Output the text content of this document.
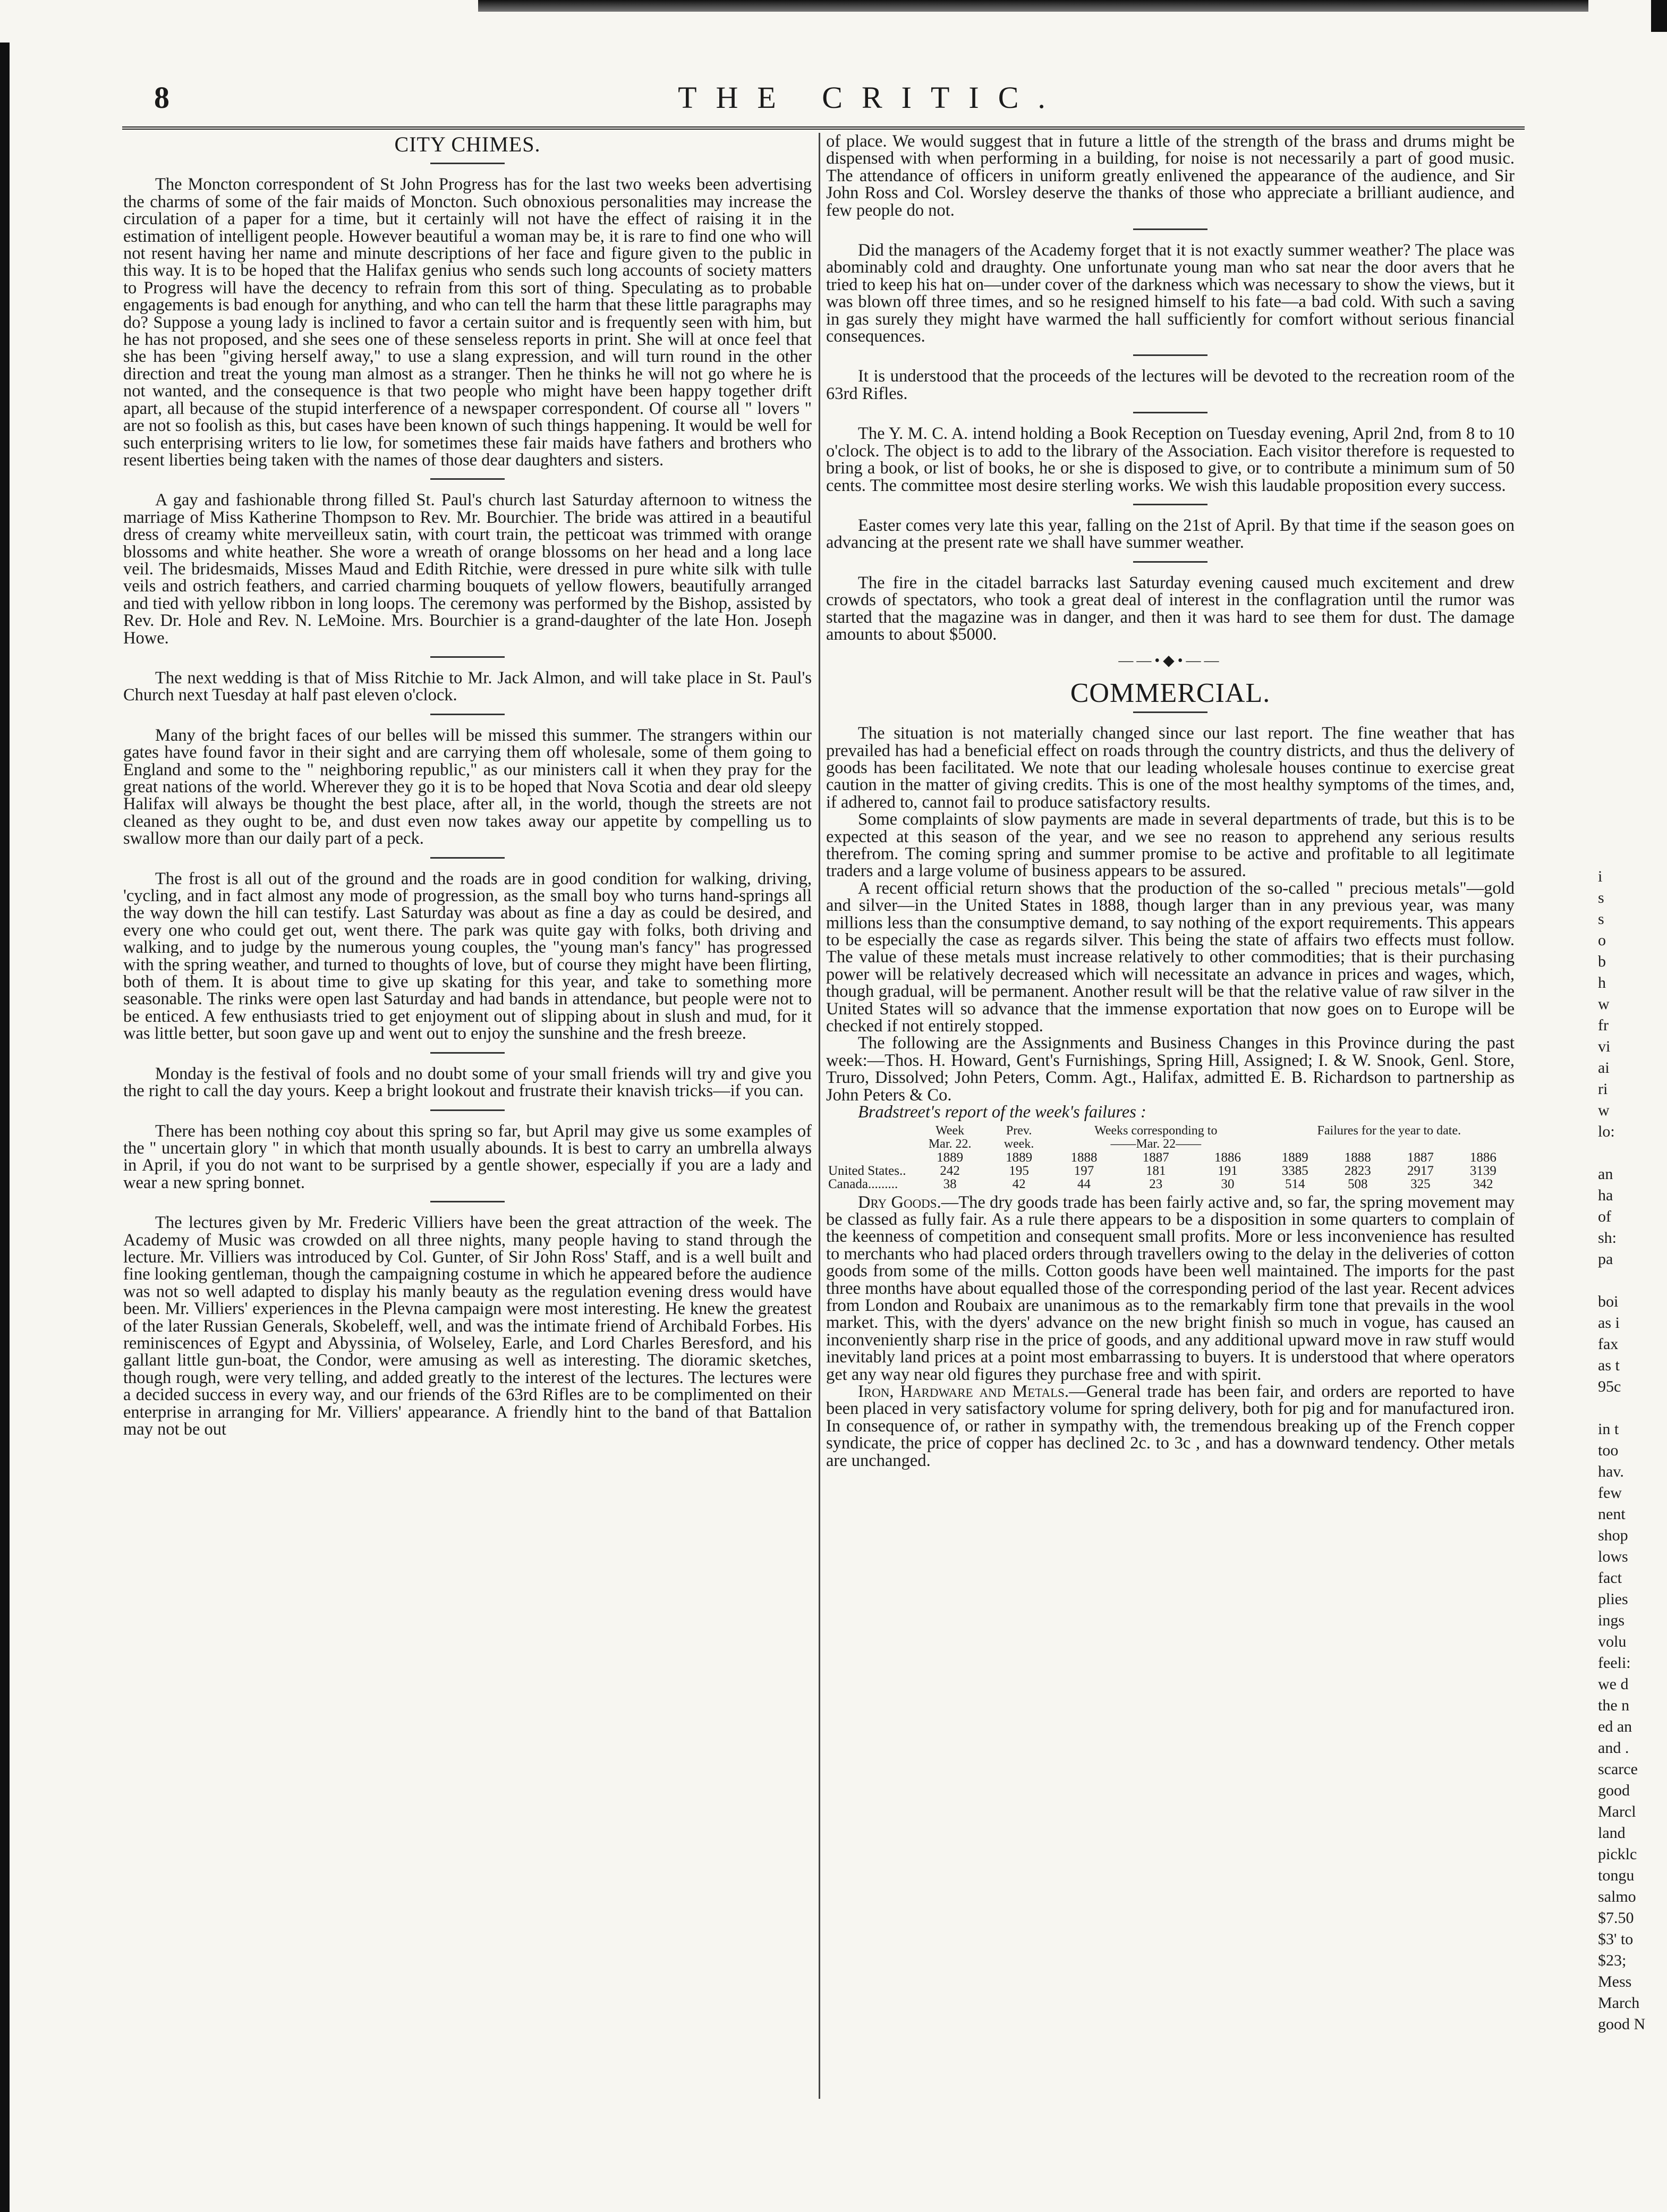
8	THE CRITIC.
CITY CHIMES.

The Moncton correspondent of St John Progress has for the last two weeks been advertising the charms of some of the fair maids of Moncton. Such obnoxious personalities may increase the circulation of a paper for a time, but it certainly will not have the effect of raising it in the estimation of intelligent people. However beautiful a woman may be, it is rare to find one who will not resent having her name and minute descriptions of her face and figure given to the public in this way. It is to be hoped that the Halifax genius who sends such long accounts of society matters to Progress will have the decency to refrain from this sort of thing. Speculating as to probable engagements is bad enough for anything, and who can tell the harm that these little paragraphs may do? Suppose a young lady is inclined to favor a certain suitor and is frequently seen with him, but he has not proposed, and she sees one of these senseless reports in print. She will at once feel that she has been "giving herself away," to use a slang expression, and will turn round in the other direction and treat the young man almost as a stranger. Then he thinks he will not go where he is not wanted, and the consequence is that two people who might have been happy together drift apart, all because of the stupid interference of a newspaper correspondent. Of course all " lovers " are not so foolish as this, but cases have been known of such things happening. It would be well for such enterprising writers to lie low, for sometimes these fair maids have fathers and brothers who resent liberties being taken with the names of those dear daughters and sisters.

A gay and fashionable throng filled St. Paul's church last Saturday afternoon to witness the marriage of Miss Katherine Thompson to Rev. Mr. Bourchier. The bride was attired in a beautiful dress of creamy white merveilleux satin, with court train, the petticoat was trimmed with orange blossoms and white heather. She wore a wreath of orange blossoms on her head and a long lace veil. The bridesmaids, Misses Maud and Edith Ritchie, were dressed in pure white silk with tulle veils and ostrich feathers, and carried charming bouquets of yellow flowers, beautifully arranged and tied with yellow ribbon in long loops. The ceremony was performed by the Bishop, assisted by Rev. Dr. Hole and Rev. N. LeMoine. Mrs. Bourchier is a grand-daughter of the late Hon. Joseph Howe.

The next wedding is that of Miss Ritchie to Mr. Jack Almon, and will take place in St. Paul's Church next Tuesday at half past eleven o'clock.

Many of the bright faces of our belles will be missed this summer. The strangers within our gates have found favor in their sight and are carrying them off wholesale, some of them going to England and some to the " neighboring republic," as our ministers call it when they pray for the great nations of the world. Wherever they go it is to be hoped that Nova Scotia and dear old sleepy Halifax will always be thought the best place, after all, in the world, though the streets are not cleaned as they ought to be, and dust even now takes away our appetite by compelling us to swallow more than our daily part of a peck.

The frost is all out of the ground and the roads are in good condition for walking, driving, 'cycling, and in fact almost any mode of progression, as the small boy who turns hand-springs all the way down the hill can testify. Last Saturday was about as fine a day as could be desired, and every one who could get out, went there. The park was quite gay with folks, both driving and walking, and to judge by the numerous young couples, the "young man's fancy" has progressed with the spring weather, and turned to thoughts of love, but of course they might have been flirting, both of them. It is about time to give up skating for this year, and take to something more seasonable. The rinks were open last Saturday and had bands in attendance, but people were not to be enticed. A few enthusiasts tried to get enjoyment out of slipping about in slush and mud, for it was little better, but soon gave up and went out to enjoy the sunshine and the fresh breeze.

Monday is the festival of fools and no doubt some of your small friends will try and give you the right to call the day yours. Keep a bright lookout and frustrate their knavish tricks—if you can.

There has been nothing coy about this spring so far, but April may give us some examples of the " uncertain glory " in which that month usually abounds. It is best to carry an umbrella always in April, if you do not want to be surprised by a gentle shower, especially if you are a lady and wear a new spring bonnet.

The lectures given by Mr. Frederic Villiers have been the great attraction of the week. The Academy of Music was crowded on all three nights, many people having to stand through the lecture. Mr. Villiers was introduced by Col. Gunter, of Sir John Ross' Staff, and is a well built and fine looking gentleman, though the campaigning costume in which he appeared before the audience was not so well adapted to display his manly beauty as the regulation evening dress would have been. Mr. Villiers' experiences in the Plevna campaign were most interesting. He knew the greatest of the later Russian Generals, Skobeleff, well, and was the intimate friend of Archibald Forbes. His reminiscences of Egypt and Abyssinia, of Wolseley, Earle, and Lord Charles Beresford, and his gallant little gun-boat, the Condor, were amusing as well as interesting. The dioramic sketches, though rough, were very telling, and added greatly to the interest of the lectures. The lectures were a decided success in every way, and our friends of the 63rd Rifles are to be complimented on their enterprise in arranging for Mr. Villiers' appearance. A friendly hint to the band of that Battalion may not be out

of place. We would suggest that in future a little of the strength of the brass and drums might be dispensed with when performing in a building, for noise is not necessarily a part of good music. The attendance of officers in uniform greatly enlivened the appearance of the audience, and Sir John Ross and Col. Worsley deserve the thanks of those who appreciate a brilliant audience, and few people do not.

Did the managers of the Academy forget that it is not exactly summer weather? The place was abominably cold and draughty. One unfortunate young man who sat near the door avers that he tried to keep his hat on—under cover of the darkness which was necessary to show the views, but it was blown off three times, and so he resigned himself to his fate—a bad cold. With such a saving in gas surely they might have warmed the hall sufficiently for comfort without serious financial consequences.

It is understood that the proceeds of the lectures will be devoted to the recreation room of the 63rd Rifles.

The Y. M. C. A. intend holding a Book Reception on Tuesday evening, April 2nd, from 8 to 10 o'clock. The object is to add to the library of the Association. Each visitor therefore is requested to bring a book, or list of books, he or she is disposed to give, or to contribute a minimum sum of 50 cents. The committee most desire sterling works. We wish this laudable proposition every success.

Easter comes very late this year, falling on the 21st of April. By that time if the season goes on advancing at the present rate we shall have summer weather.

The fire in the citadel barracks last Saturday evening caused much excitement and drew crowds of spectators, who took a great deal of interest in the conflagration until the rumor was started that the magazine was in danger, and then it was hard to see them for dust. The damage amounts to about $5000.

——•◆•——
COMMERCIAL.

The situation is not materially changed since our last report. The fine weather that has prevailed has had a beneficial effect on roads through the country districts, and thus the delivery of goods has been facilitated. We note that our leading wholesale houses continue to exercise great caution in the matter of giving credits. This is one of the most healthy symptoms of the times, and, if adhered to, cannot fail to produce satisfactory results.

Some complaints of slow payments are made in several departments of trade, but this is to be expected at this season of the year, and we see no reason to apprehend any serious results therefrom. The coming spring and summer promise to be active and profitable to all legitimate traders and a large volume of business appears to be assured.

A recent official return shows that the production of the so-called " precious metals"—gold and silver—in the United States in 1888, though larger than in any previous year, was many millions less than the consumptive demand, to say nothing of the export requirements. This appears to be especially the case as regards silver. This being the state of affairs two effects must follow. The value of these metals must increase relatively to other commodities; that is their purchasing power will be relatively decreased which will necessitate an advance in prices and wages, which, though gradual, will be permanent. Another result will be that the relative value of raw silver in the United States will so advance that the immense exportation that now goes on to Europe will be checked if not entirely stopped.

The following are the Assignments and Business Changes in this Province during the past week:—Thos. H. Howard, Gent's Furnishings, Spring Hill, Assigned; I. & W. Snook, Genl. Store, Truro, Dissolved; John Peters, Comm. Agt., Halifax, admitted E. B. Richardson to partnership as John Peters & Co.

Bradstreet's report of the week's failures :

	Week	Prev.	Weeks corresponding to			Failures for the year to date.			
	Mar. 22.	week.	——Mar. 22——						
	1889	1889	1888	1887	1886	1889	1888	1887	1886
United States..	242	195	197	181	191	3385	2823	2917	3139
Canada.........	38	42	44	23	30	514	508	325	342

Dry Goods.—The dry goods trade has been fairly active and, so far, the spring movement may be classed as fully fair. As a rule there appears to be a disposition in some quarters to complain of the keenness of competition and consequent small profits. More or less inconvenience has resulted to merchants who had placed orders through travellers owing to the delay in the deliveries of cotton goods from some of the mills. Cotton goods have been well maintained. The imports for the past three months have about equalled those of the corresponding period of the last year. Recent advices from London and Roubaix are unanimous as to the remarkably firm tone that prevails in the wool market. This, with the dyers' advance on the new bright finish so much in vogue, has caused an inconveniently sharp rise in the price of goods, and any additional upward move in raw stuff would inevitably land prices at a point most embarrassing to buyers. It is understood that where operators get any way near old figures they purchase free and with spirit.

Iron, Hardware and Metals.—General trade has been fair, and orders are reported to have been placed in very satisfactory volume for spring delivery, both for pig and for manufactured iron. In consequence of, or rather in sympathy with, the tremendous breaking up of the French copper syndicate, the price of copper has declined 2c. to 3c , and has a downward tendency. Other metals are unchanged.

i
s
s
o
b
h
w
fr
vi
ai
ri
w
lo:
an
ha
of
sh:
pa
boi
as i
fax
as t
95c
in t
too
hav.
few
nent
shop
lows
fact
plies
ings
volu
feeli:
we d
the n
ed an
and .
scarce
good
Marcl
land
picklc
tongu
salmo
$7.50
$3' to
$23;
Mess
March
good N
